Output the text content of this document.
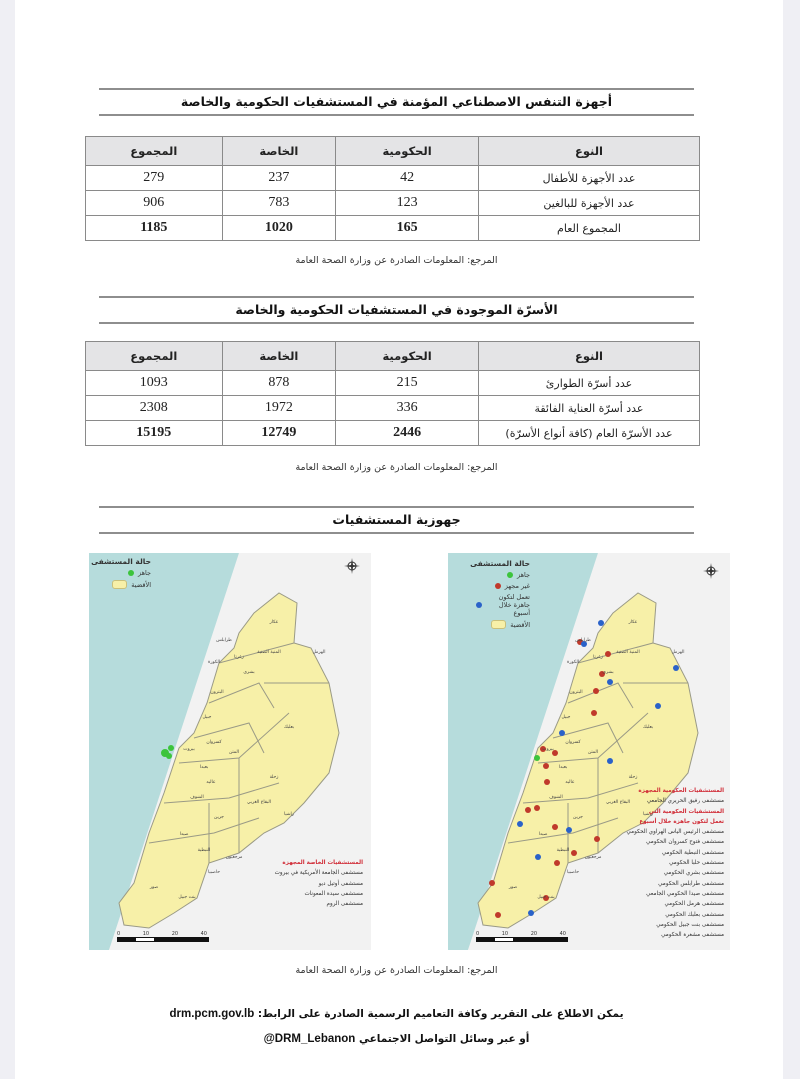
أجهزة التنفس الاصطناعي المؤمنة في المستشفيات الحكومية والخاصة
النوع	الحكومية	الخاصة	المجموع
عدد الأجهزة للأطفال	42	237	279
عدد الأجهزة للبالغين	123	783	906
المجموع العام	165	1020	1185
المرجع: المعلومات الصادرة عن وزارة الصحة العامة
الأسرّة الموجودة في المستشفيات الحكومية والخاصة
النوع	الحكومية	الخاصة	المجموع
عدد أسرّة الطوارئ	215	878	1093
عدد أسرّة العناية الفائقة	336	1972	2308
عدد الأسرّة العام (كافة أنواع الأسرّة)	2446	12749	15195
المرجع: المعلومات الصادرة عن وزارة الصحة العامة
جهوزية المستشفيات
عكار
الهرمل
المنية الضنية
زغرتا
الكورة
طرابلس
بشري
البترون
جبيل
كسروان
بعلبك
المتن
بيروت
بعبدا
عاليه
زحلة
الشوف
البقاع الغربي
راشيا
جزين
صيدا
النبطية
مرجعيون
صور
بنت جبيل
حاصبيا
حالة المستشفى
جاهز
الأقضية
المستشفيات الخاصة المجهزة
مستشفى الجامعة الأمريكية في بيروت
مستشفى أوتيل ديو
مستشفى سيدة المعونات
مستشفى الروم
0	10	20	40
عكار
الهرمل
المنية الضنية
زغرتا
الكورة
طرابلس
بشري
البترون
جبيل
كسروان
بعلبك
المتن
بيروت
بعبدا
عاليه
زحلة
الشوف
البقاع الغربي
راشيا
جزين
صيدا
النبطية
مرجعيون
صور
بنت جبيل
حاصبيا
حالة المستشفى
جاهز
غير مجهز
تعمل لتكون جاهزة خلال أسبوع
الأقضية
المستشفيات الحكومية المجهزة
مستشفى رفيق الحريري الجامعي
المستشفيات الحكومية التي تعمل لتكون جاهزة خلال أسبوع
مستشفى الرئيس الياس الهراوي الحكومي
مستشفى فتوح كسروان الحكومي
مستشفى النبطية الحكومي
مستشفى حلبا الحكومي
مستشفى بشري الحكومي
مستشفى طرابلس الحكومي
مستشفى صيدا الحكومي الجامعي
مستشفى هرمل الحكومي
مستشفى بعلبك الحكومي
مستشفى بنت جبيل الحكومي
مستشفى مشغرة الحكومي
0	10	20	40
المرجع: المعلومات الصادرة عن وزارة الصحة العامة
يمكن الاطلاع على التقرير وكافة التعاميم الرسمية الصادرة على الرابط: drm.pcm.gov.lb
أو عبر وسائل التواصل الاجتماعي @DRM_Lebanon
